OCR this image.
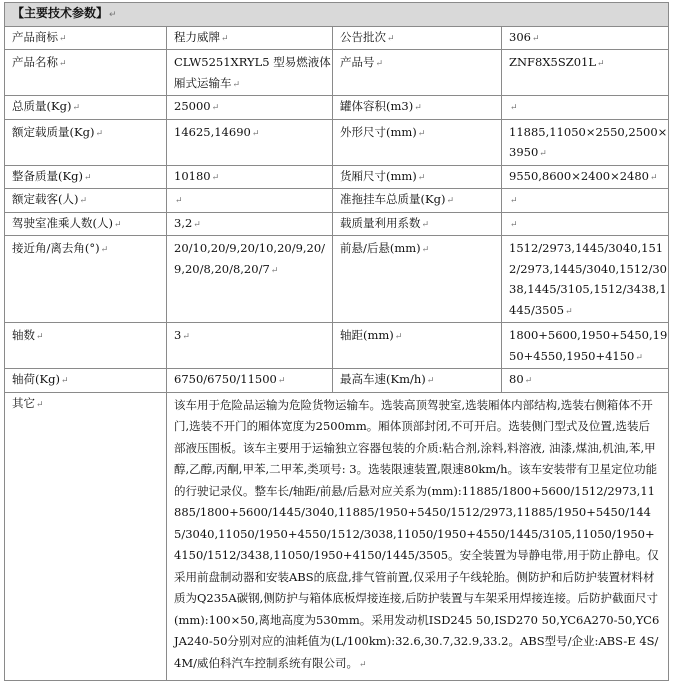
【主要技术参数】↵			
产品商标↵	程力威牌↵	公告批次↵	306↵
产品名称↵	CLW5251XRYL5 型易燃液体厢式运输车↵	产品号↵	ZNF8X5SZ01L↵
总质量(Kg)↵	25000↵	罐体容积(m3)↵	↵
额定载质量(Kg)↵	14625,14690↵	外形尺寸(mm)↵	11885,11050×2550,2500×3950↵
整备质量(Kg)↵	10180↵	货厢尺寸(mm)↵	9550,8600×2400×2480↵
额定载客(人)↵	↵	准拖挂车总质量(Kg)↵	↵
驾驶室准乘人数(人)↵	3,2↵	载质量利用系数↵	↵
接近角/离去角(°)↵	20/10,20/9,20/10,20/9,20/9,20/8,20/8,20/7↵	前悬/后悬(mm)↵	1512/2973,1445/3040,1512/2973,1445/3040,1512/3038,1445/3105,1512/3438,1445/3505↵
轴数↵	3↵	轴距(mm)↵	1800+5600,1950+5450,1950+4550,1950+4150↵
轴荷(Kg)↵	6750/6750/11500↵	最高车速(Km/h)↵	80↵
其它↵	该车用于危险品运输为危险货物运输车。选装高顶驾驶室,选装厢体内部结构,选装右侧箱体不开门,选装不开门的厢体宽度为2500mm。厢体顶部封闭,不可开启。选装侧门型式及位置,选装后部液压围板。该车主要用于运输独立容器包装的介质:粘合剂,涂料,料溶液, 油漆,煤油,机油,苯,甲醇,乙醇,丙酮,甲苯,二甲苯,类项号: 3。选装限速装置,限速80km/h。该车安装带有卫星定位功能的行驶记录仪。整车长/轴距/前悬/后悬对应关系为(mm):11885/1800+5600/1512/2973,11885/1800+5600/1445/3040,11885/1950+5450/1512/2973,11885/1950+5450/1445/3040,11050/1950+4550/1512/3038,11050/1950+4550/1445/3105,11050/1950+4150/1512/3438,11050/1950+4150/1445/3505。安全装置为导静电带,用于防止静电。仅采用前盘制动器和安装ABS的底盘,排气管前置,仅采用子午线轮胎。侧防护和后防护装置材料材质为Q235A碳钢,侧防护与箱体底板焊接连接,后防护装置与车架采用焊接连接。后防护截面尺寸(mm):100×50,离地高度为530mm。采用发动机ISD245 50,ISD270 50,YC6A270-50,YC6JA240-50分别对应的油耗值为(L/100km):32.6,30.7,32.9,33.2。ABS型号/企业:ABS-E 4S/4M/威伯科汽车控制系统有限公司。↵		
